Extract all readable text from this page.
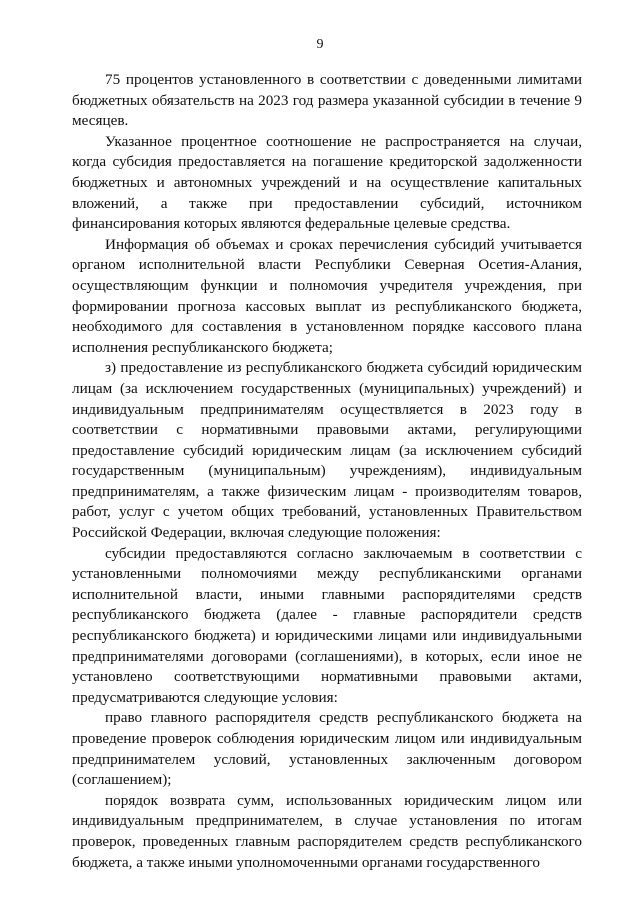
9

75 процентов установленного в соответствии с доведенными лимитами бюджетных обязательств на 2023 год размера указанной субсидии в течение 9 месяцев.

Указанное процентное соотношение не распространяется на случаи, когда субсидия предоставляется на погашение кредиторской задолженности бюджетных и автономных учреждений и на осуществление капитальных вложений, а также при предоставлении субсидий, источником финансирования которых являются федеральные целевые средства.

Информация об объемах и сроках перечисления субсидий учитывается органом исполнительной власти Республики Северная Осетия-Алания, осуществляющим функции и полномочия учредителя учреждения, при формировании прогноза кассовых выплат из республиканского бюджета, необходимого для составления в установленном порядке кассового плана исполнения республиканского бюджета;

з) предоставление из республиканского бюджета субсидий юридическим лицам (за исключением государственных (муниципальных) учреждений) и индивидуальным предпринимателям осуществляется в 2023 году в соответствии с нормативными правовыми актами, регулирующими предоставление субсидий юридическим лицам (за исключением субсидий государственным (муниципальным) учреждениям), индивидуальным предпринимателям, а также физическим лицам - производителям товаров, работ, услуг с учетом общих требований, установленных Правительством Российской Федерации, включая следующие положения:

субсидии предоставляются согласно заключаемым в соответствии с установленными полномочиями между республиканскими органами исполнительной власти, иными главными распорядителями средств республиканского бюджета (далее - главные распорядители средств республиканского бюджета) и юридическими лицами или индивидуальными предпринимателями договорами (соглашениями), в которых, если иное не установлено соответствующими нормативными правовыми актами, предусматриваются следующие условия:

право главного распорядителя средств республиканского бюджета на проведение проверок соблюдения юридическим лицом или индивидуальным предпринимателем условий, установленных заключенным договором (соглашением);

порядок возврата сумм, использованных юридическим лицом или индивидуальным предпринимателем, в случае установления по итогам проверок, проведенных главным распорядителем средств республиканского бюджета, а также иными уполномоченными органами государственного
